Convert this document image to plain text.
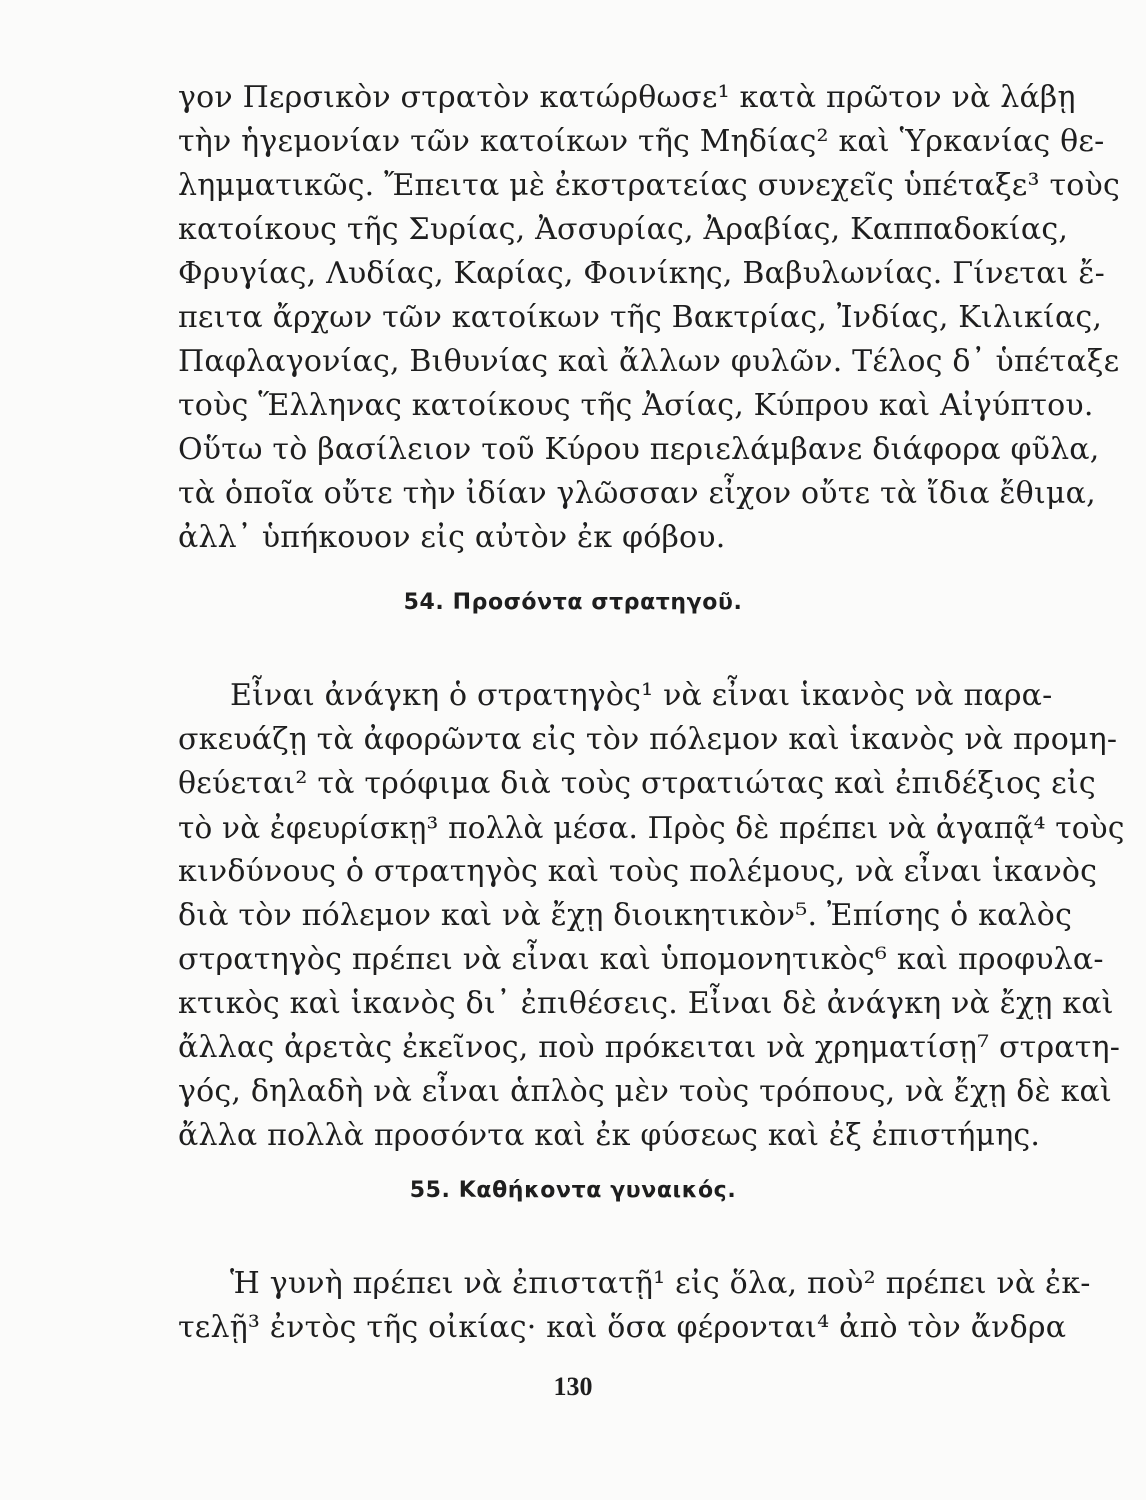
γον Περσικὸν στρατὸν κατώρθωσε¹ κατὰ πρῶτον νὰ λάβῃ
τὴν ἡγεμονίαν τῶν κατοίκων τῆς Μηδίας² καὶ Ὑρκανίας θε-
λημματικῶς. Ἔπειτα μὲ ἐκστρατείας συνεχεῖς ὑπέταξε³ τοὺς
κατοίκους τῆς Συρίας, Ἀσσυρίας, Ἀραβίας, Καππαδοκίας,
Φρυγίας, Λυδίας, Καρίας, Φοινίκης, Βαβυλωνίας. Γίνεται ἔ-
πειτα ἄρχων τῶν κατοίκων τῆς Βακτρίας, Ἰνδίας, Κιλικίας,
Παφλαγονίας, Βιθυνίας καὶ ἄλλων φυλῶν. Τέλος δ᾿ ὑπέταξε
τοὺς Ἕλληνας κατοίκους τῆς Ἀσίας, Κύπρου καὶ Αἰγύπτου.
Οὕτω τὸ βασίλειον τοῦ Κύρου περιελάμβανε διάφορα φῦλα,
τὰ ὁποῖα οὔτε τὴν ἰδίαν γλῶσσαν εἶχον οὔτε τὰ ἴδια ἔθιμα,
ἀλλ᾿ ὑπήκουον εἰς αὐτὸν ἐκ φόβου.
54. Προσόντα στρατηγοῦ.
Εἶναι ἀνάγκη ὁ στρατηγὸς¹ νὰ εἶναι ἱκανὸς νὰ παρα-
σκευάζῃ τὰ ἀφορῶντα εἰς τὸν πόλεμον καὶ ἱκανὸς νὰ προμη-
θεύεται² τὰ τρόφιμα διὰ τοὺς στρατιώτας καὶ ἐπιδέξιος εἰς
τὸ νὰ ἐφευρίσκῃ³ πολλὰ μέσα. Πρὸς δὲ πρέπει νὰ ἀγαπᾷ⁴ τοὺς
κινδύνους ὁ στρατηγὸς καὶ τοὺς πολέμους, νὰ εἶναι ἱκανὸς
διὰ τὸν πόλεμον καὶ νὰ ἔχῃ διοικητικὸν⁵. Ἐπίσης ὁ καλὸς
στρατηγὸς πρέπει νὰ εἶναι καὶ ὑπομονητικὸς⁶ καὶ προφυλα-
κτικὸς καὶ ἱκανὸς δι᾿ ἐπιθέσεις. Εἶναι δὲ ἀνάγκη νὰ ἔχῃ καὶ
ἄλλας ἀρετὰς ἐκεῖνος, ποὺ πρόκειται νὰ χρηματίσῃ⁷ στρατη-
γός, δηλαδὴ νὰ εἶναι ἁπλὸς μὲν τοὺς τρόπους, νὰ ἔχῃ δὲ καὶ
ἄλλα πολλὰ προσόντα καὶ ἐκ φύσεως καὶ ἐξ ἐπιστήμης.
55. Καθήκοντα γυναικός.
Ἡ γυνὴ πρέπει νὰ ἐπιστατῇ¹ εἰς ὅλα, ποὺ² πρέπει νὰ ἐκ-
τελῇ³ ἐντὸς τῆς οἰκίας· καὶ ὅσα φέρονται⁴ ἀπὸ τὸν ἄνδρα
130
